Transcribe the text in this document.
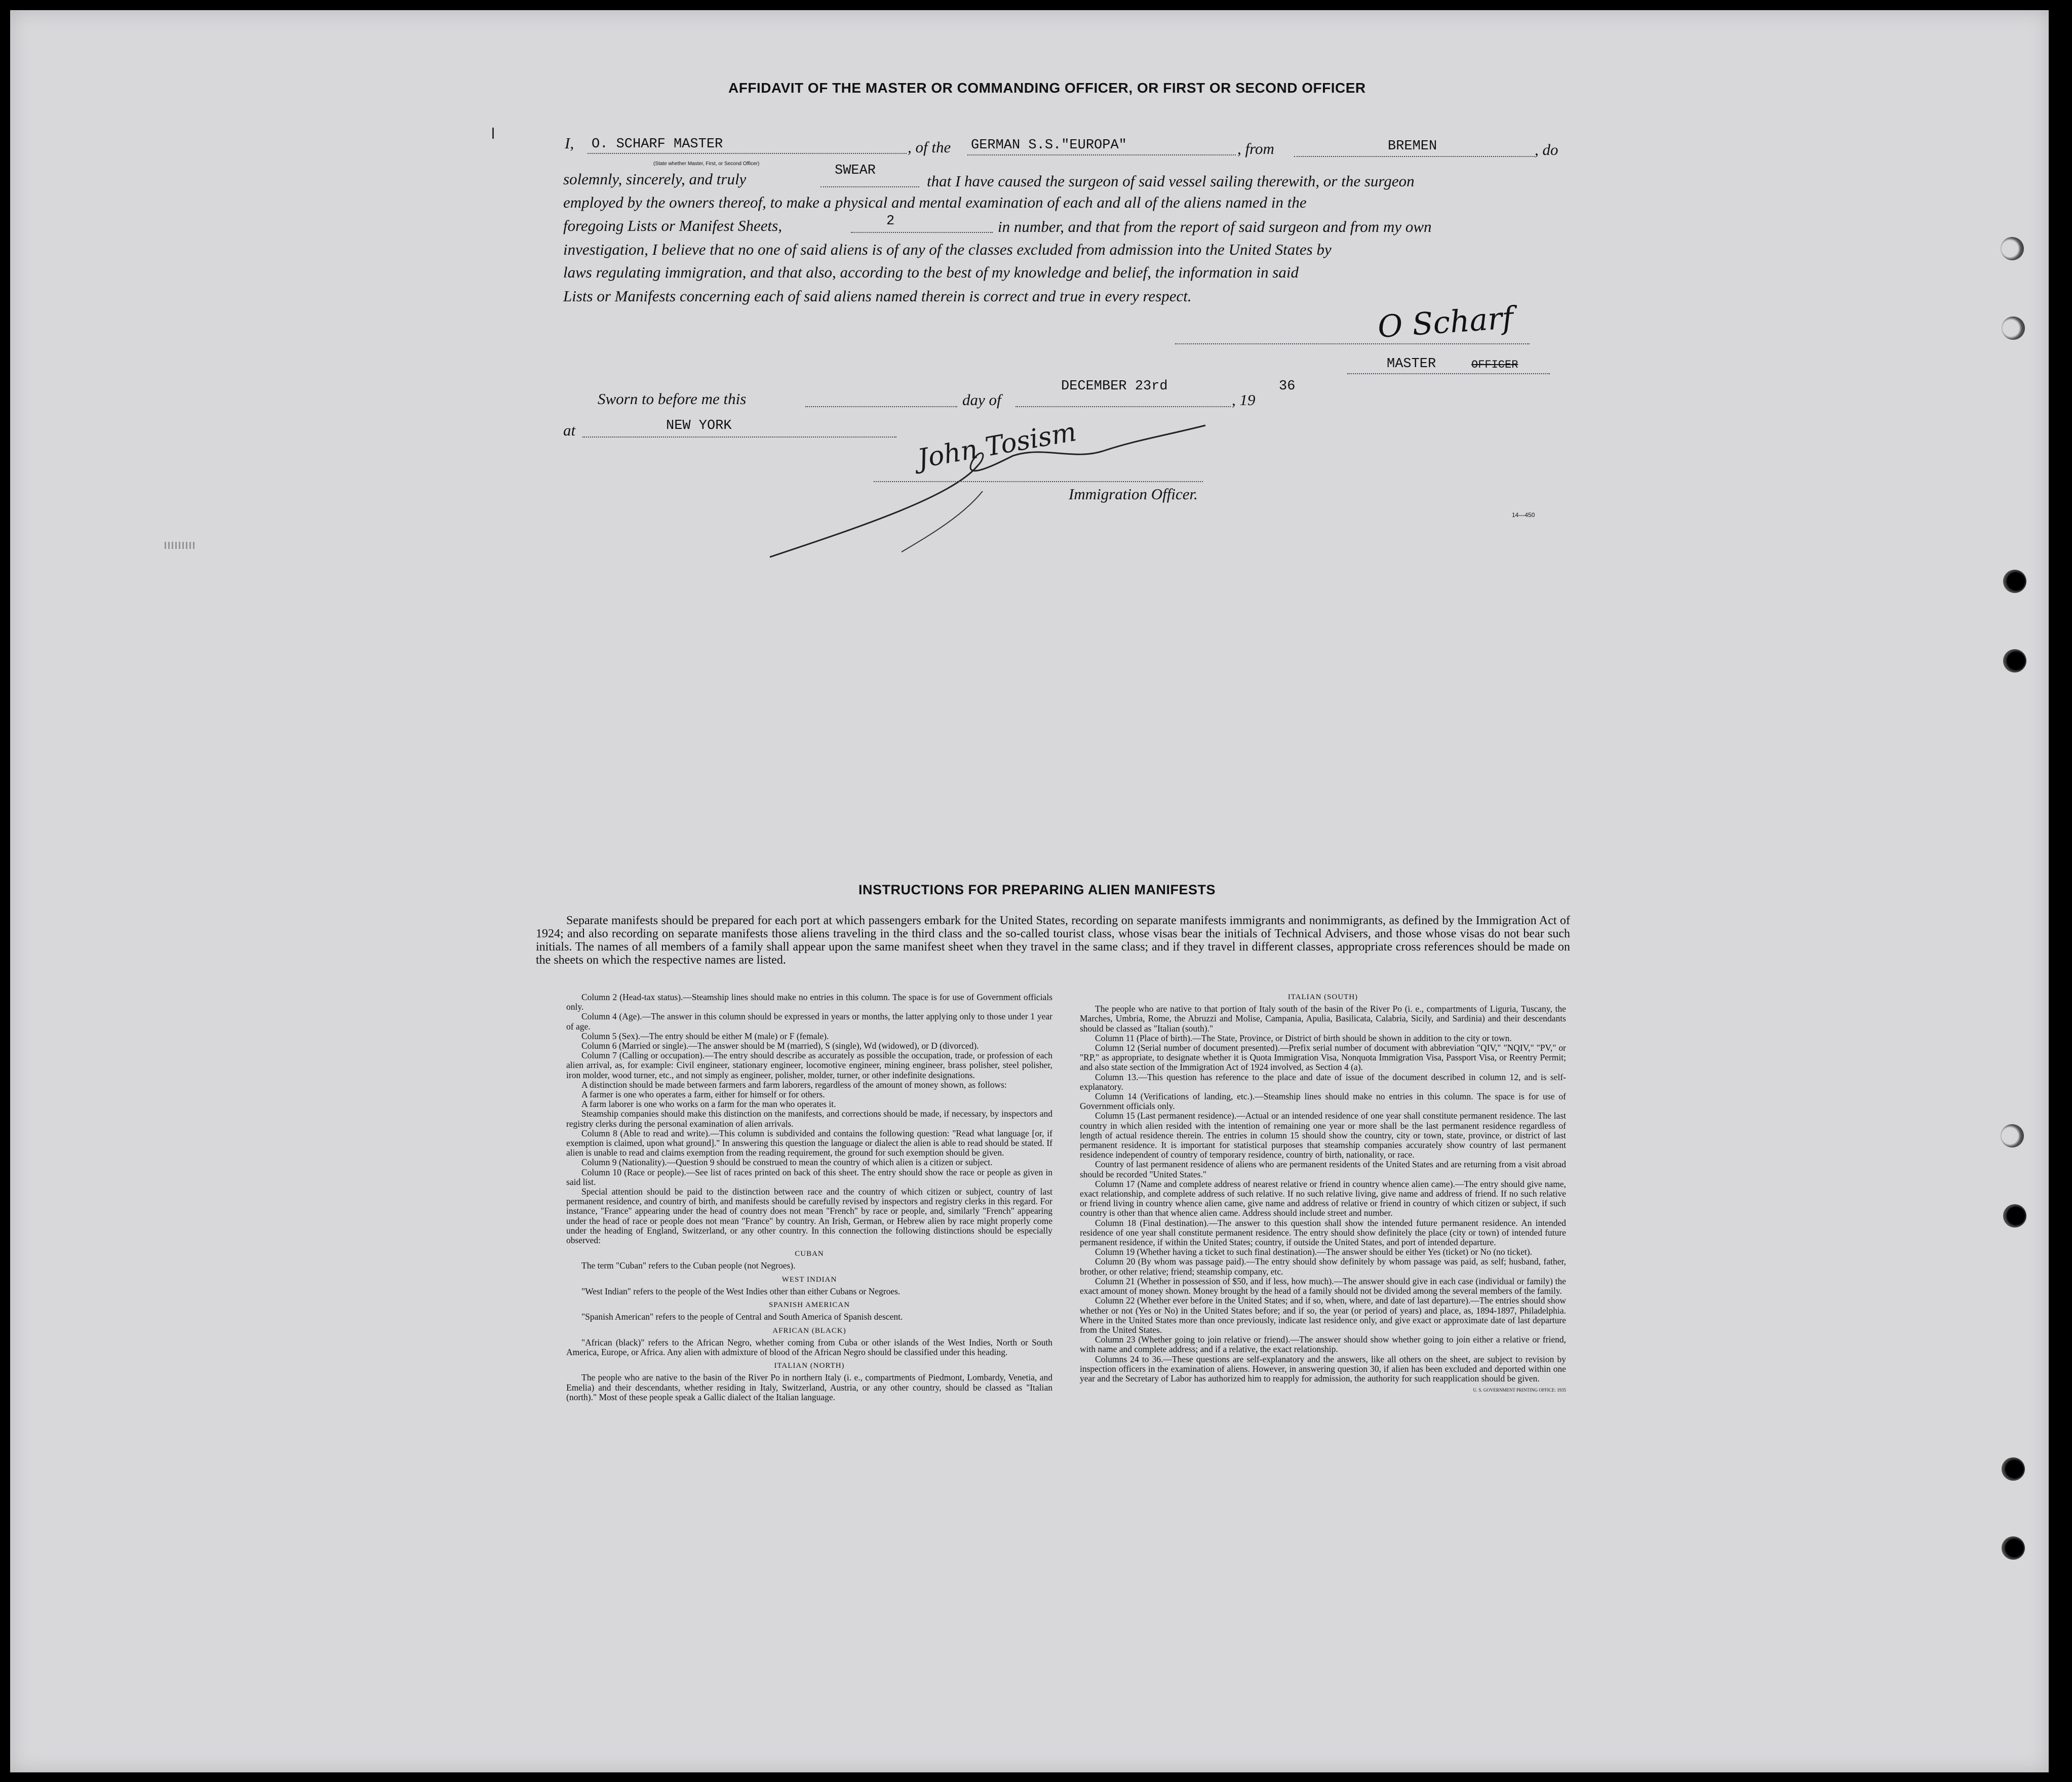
AFFIDAVIT OF THE MASTER OR COMMANDING OFFICER, OR FIRST OR SECOND OFFICER
I, O. SCHARF MASTER	, of the GERMAN S.S."EUROPA"	, from	BREMEN	, do
(State whether Master, First, or Second Officer)
solemnly, sincerely, and truly	SWEAR
that I have caused the surgeon of said vessel sailing therewith, or the surgeon
employed by the owners thereof, to make a physical and mental examination of each and all of the aliens named in the
foregoing Lists or Manifest Sheets,	2	in number, and that from the report of said surgeon and from my own
investigation, I believe that no one of said aliens is of any of the classes excluded from admission into the United States by
laws regulating immigration, and that also, according to the best of my knowledge and belief, the information in said
Lists or Manifests concerning each of said aliens named therein is correct and true in every respect.
O Scharf
MASTER	OFFICER
Sworn to before me this	day of
DECEMBER 23rd
, 19
36
at	NEW YORK	John Tosism
Immigration Officer.
14—450
INSTRUCTIONS FOR PREPARING ALIEN MANIFESTS

Separate manifests should be prepared for each port at which passengers embark for the United States, recording on separate manifests immigrants and nonimmigrants, as defined by the Immigration Act of 1924; and also recording on separate manifests those aliens traveling in the third class and the so-called tourist class, whose visas bear the initials of Technical Advisers, and those whose visas do not bear such initials. The names of all members of a family shall appear upon the same manifest sheet when they travel in the same class; and if they travel in different classes, appropriate cross references should be made on the sheets on which the respective names are listed.

Column 2 (Head-tax status).—Steamship lines should make no entries in this column. The space is for use of Government officials only.

Column 4 (Age).—The answer in this column should be expressed in years or months, the latter applying only to those under 1 year of age.

Column 5 (Sex).—The entry should be either M (male) or F (female).

Column 6 (Married or single).—The answer should be M (married), S (single), Wd (widowed), or D (divorced).

Column 7 (Calling or occupation).—The entry should describe as accurately as possible the occupation, trade, or profession of each alien arrival, as, for example: Civil engineer, stationary engineer, locomotive engineer, mining engineer, brass polisher, steel polisher, iron molder, wood turner, etc., and not simply as engineer, polisher, molder, turner, or other indefinite designations.

A distinction should be made between farmers and farm laborers, regardless of the amount of money shown, as follows:

A farmer is one who operates a farm, either for himself or for others.

A farm laborer is one who works on a farm for the man who operates it.

Steamship companies should make this distinction on the manifests, and corrections should be made, if necessary, by inspectors and registry clerks during the personal examination of alien arrivals.

Column 8 (Able to read and write).—This column is subdivided and contains the following question: "Read what language [or, if exemption is claimed, upon what ground]." In answering this question the language or dialect the alien is able to read should be stated. If alien is unable to read and claims exemption from the reading requirement, the ground for such exemption should be given.

Column 9 (Nationality).—Question 9 should be construed to mean the country of which alien is a citizen or subject.

Column 10 (Race or people).—See list of races printed on back of this sheet. The entry should show the race or people as given in said list.

Special attention should be paid to the distinction between race and the country of which citizen or subject, country of last permanent residence, and country of birth, and manifests should be carefully revised by inspectors and registry clerks in this regard. For instance, "France" appearing under the head of country does not mean "French" by race or people, and, similarly "French" appearing under the head of race or people does not mean "France" by country. An Irish, German, or Hebrew alien by race might properly come under the heading of England, Switzerland, or any other country. In this connection the following distinctions should be especially observed:

CUBAN

The term "Cuban" refers to the Cuban people (not Negroes).

WEST INDIAN

"West Indian" refers to the people of the West Indies other than either Cubans or Negroes.

SPANISH AMERICAN

"Spanish American" refers to the people of Central and South America of Spanish descent.

AFRICAN (BLACK)

"African (black)" refers to the African Negro, whether coming from Cuba or other islands of the West Indies, North or South America, Europe, or Africa. Any alien with admixture of blood of the African Negro should be classified under this heading.

ITALIAN (NORTH)

The people who are native to the basin of the River Po in northern Italy (i. e., compartments of Piedmont, Lombardy, Venetia, and Emelia) and their descendants, whether residing in Italy, Switzerland, Austria, or any other country, should be classed as "Italian (north)." Most of these people speak a Gallic dialect of the Italian language.

ITALIAN (SOUTH)

The people who are native to that portion of Italy south of the basin of the River Po (i. e., compartments of Liguria, Tuscany, the Marches, Umbria, Rome, the Abruzzi and Molise, Campania, Apulia, Basilicata, Calabria, Sicily, and Sardinia) and their descendants should be classed as "Italian (south)."

Column 11 (Place of birth).—The State, Province, or District of birth should be shown in addition to the city or town.

Column 12 (Serial number of document presented).—Prefix serial number of document with abbreviation "QIV," "NQIV," "PV," or "RP," as appropriate, to designate whether it is Quota Immigration Visa, Nonquota Immigration Visa, Passport Visa, or Reentry Permit; and also state section of the Immigration Act of 1924 involved, as Section 4 (a).

Column 13.—This question has reference to the place and date of issue of the document described in column 12, and is self-explanatory.

Column 14 (Verifications of landing, etc.).—Steamship lines should make no entries in this column. The space is for use of Government officials only.

Column 15 (Last permanent residence).—Actual or an intended residence of one year shall constitute permanent residence. The last country in which alien resided with the intention of remaining one year or more shall be the last permanent residence regardless of length of actual residence therein. The entries in column 15 should show the country, city or town, state, province, or district of last permanent residence. It is important for statistical purposes that steamship companies accurately show country of last permanent residence independent of country of temporary residence, country of birth, nationality, or race.

Country of last permanent residence of aliens who are permanent residents of the United States and are returning from a visit abroad should be recorded "United States."

Column 17 (Name and complete address of nearest relative or friend in country whence alien came).—The entry should give name, exact relationship, and complete address of such relative. If no such relative living, give name and address of friend. If no such relative or friend living in country whence alien came, give name and address of relative or friend in country of which citizen or subject, if such country is other than that whence alien came. Address should include street and number.

Column 18 (Final destination).—The answer to this question shall show the intended future permanent residence. An intended residence of one year shall constitute permanent residence. The entry should show definitely the place (city or town) of intended future permanent residence, if within the United States; country, if outside the United States, and port of intended departure.

Column 19 (Whether having a ticket to such final destination).—The answer should be either Yes (ticket) or No (no ticket).

Column 20 (By whom was passage paid).—The entry should show definitely by whom passage was paid, as self; husband, father, brother, or other relative; friend; steamship company, etc.

Column 21 (Whether in possession of $50, and if less, how much).—The answer should give in each case (individual or family) the exact amount of money shown. Money brought by the head of a family should not be divided among the several members of the family.

Column 22 (Whether ever before in the United States; and if so, when, where, and date of last departure).—The entries should show whether or not (Yes or No) in the United States before; and if so, the year (or period of years) and place, as, 1894-1897, Philadelphia. Where in the United States more than once previously, indicate last residence only, and give exact or approximate date of last departure from the United States.

Column 23 (Whether going to join relative or friend).—The answer should show whether going to join either a relative or friend, with name and complete address; and if a relative, the exact relationship.

Columns 24 to 36.—These questions are self-explanatory and the answers, like all others on the sheet, are subject to revision by inspection officers in the examination of aliens. However, in answering question 30, if alien has been excluded and deported within one year and the Secretary of Labor has authorized him to reapply for admission, the authority for such reapplication should be given.

U. S. GOVERNMENT PRINTING OFFICE: 1935
